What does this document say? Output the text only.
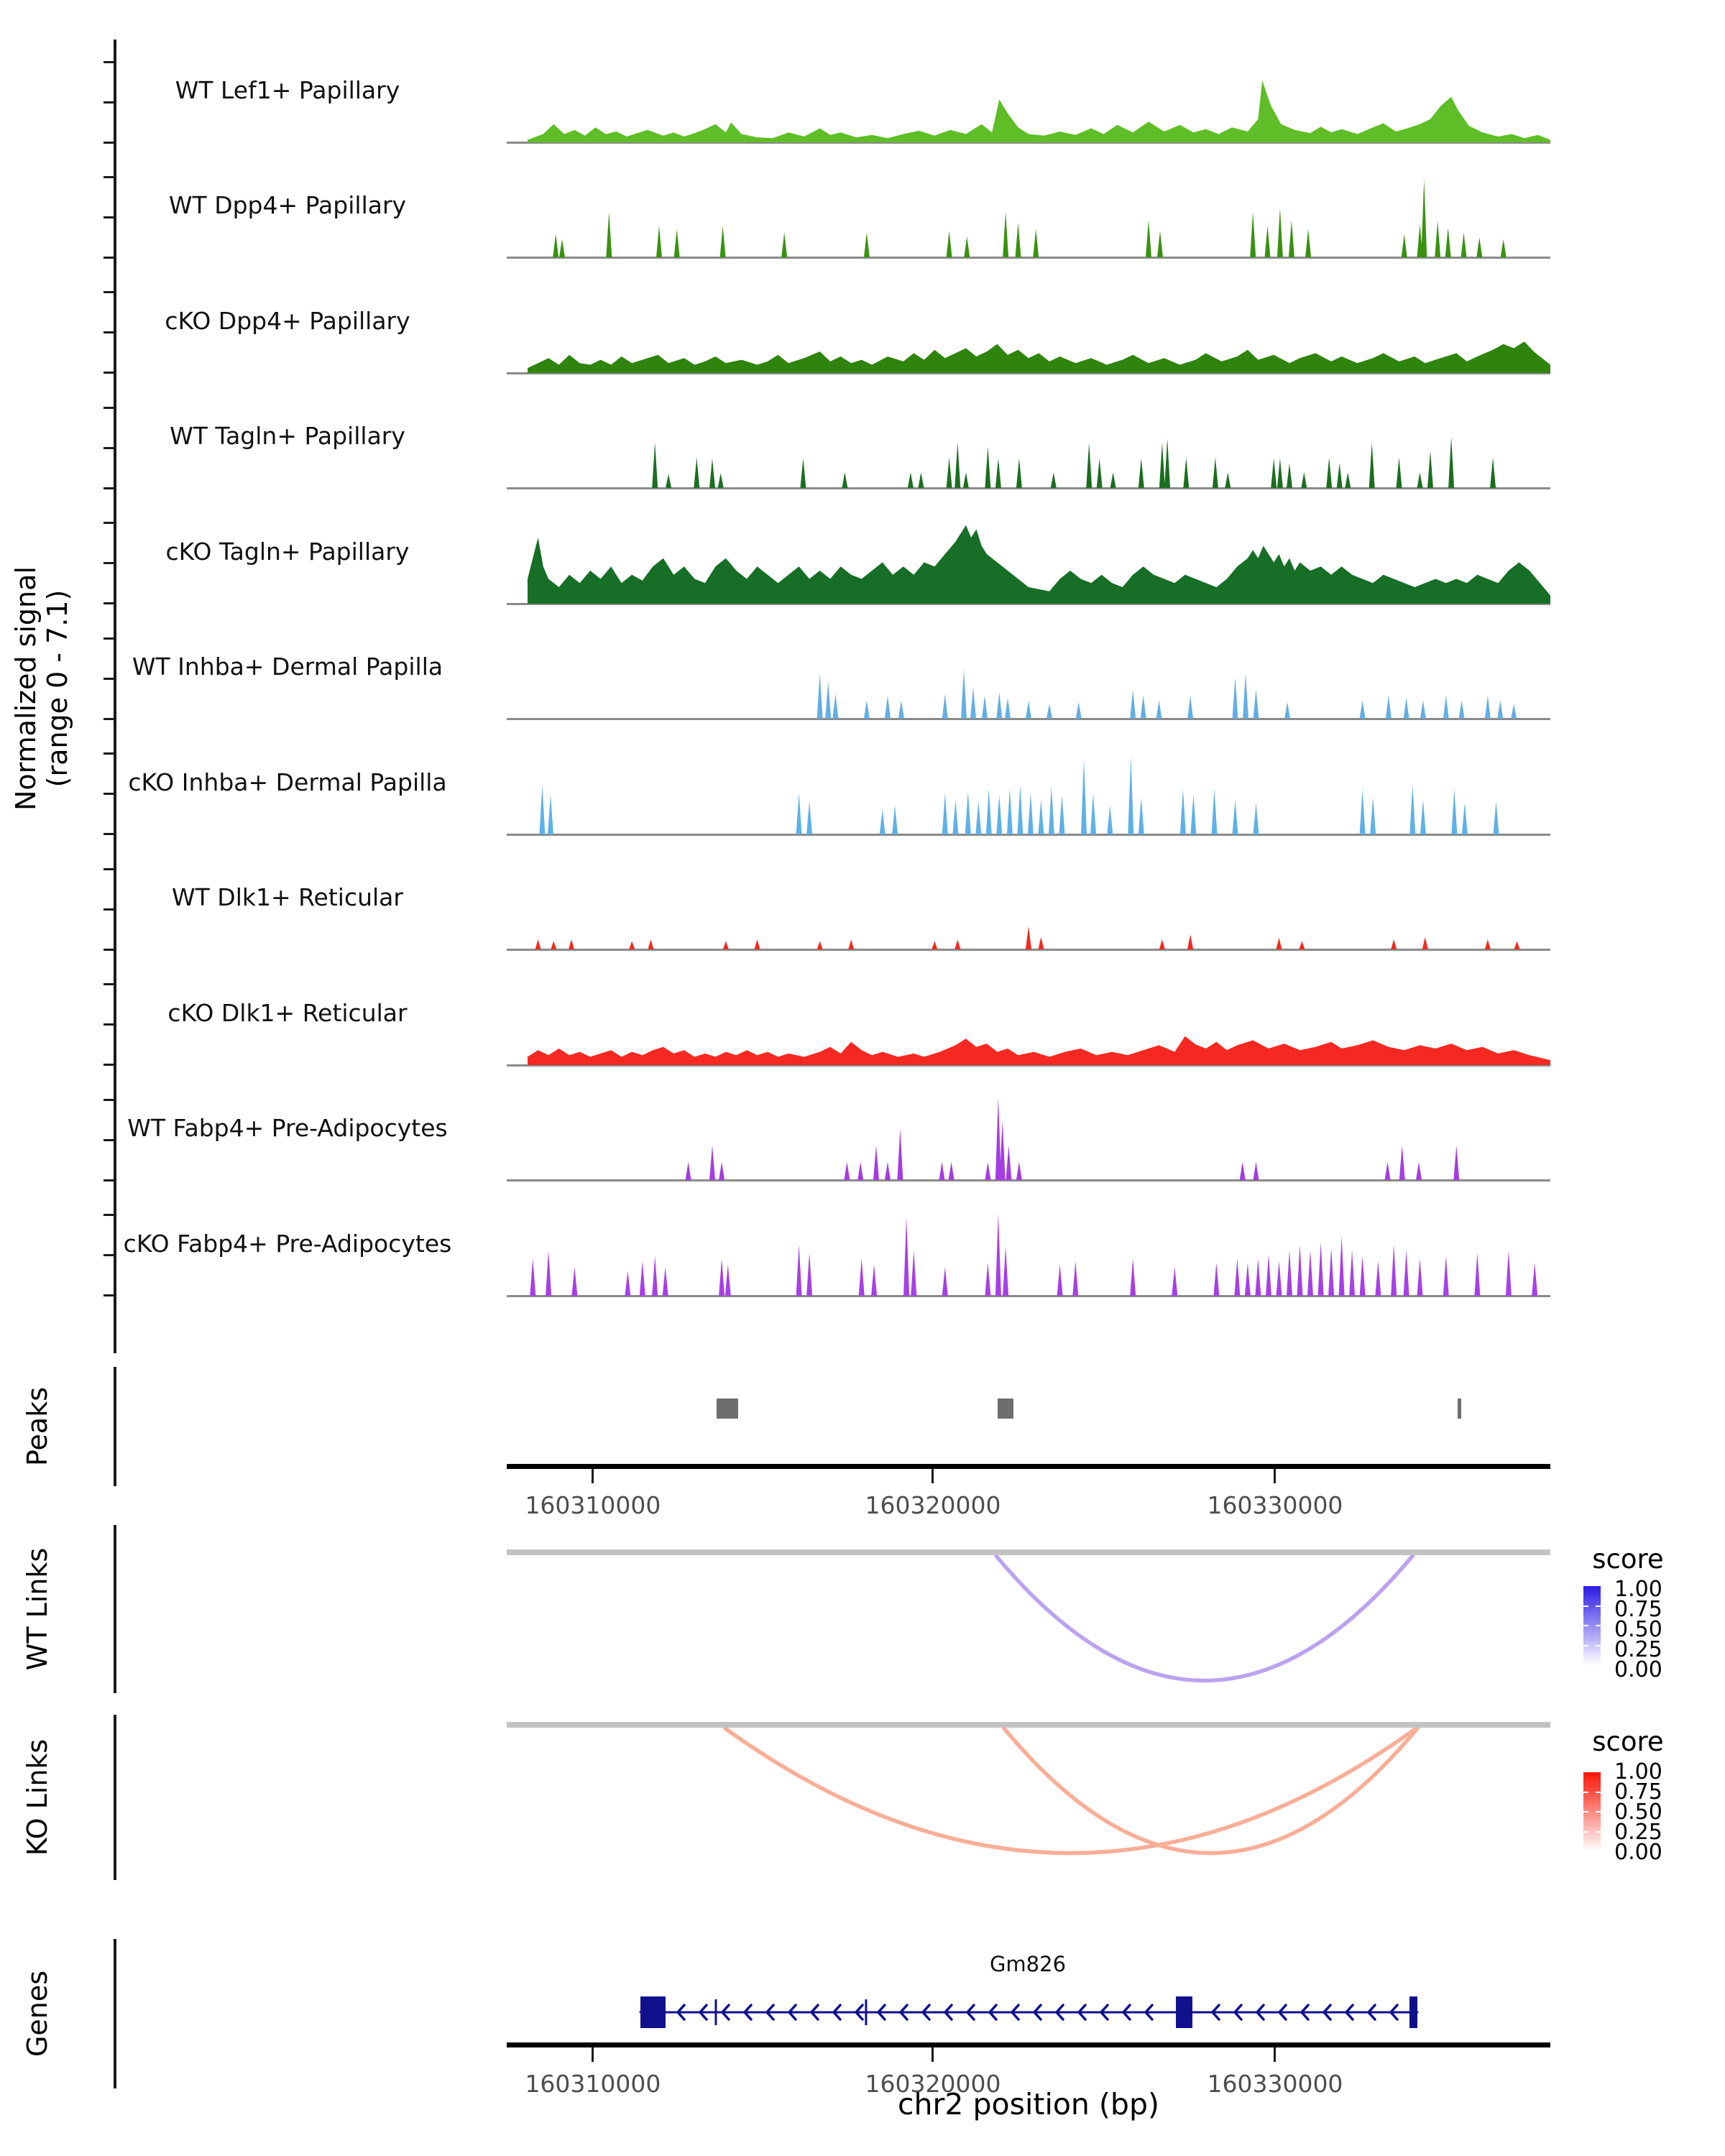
Normalized signal (range 0 - 7.1)
Peaks
WT Links
KO Links
Genes
score
score
Gm826
chr2 position (bp)
WT Lef1+ Papillary
WT Dpp4+ Papillary
cKO Dpp4+ Papillary
WT Tagln+ Papillary
cKO Tagln+ Papillary
WT Inhba+ Dermal Papilla
cKO Inhba+ Dermal Papilla
WT Dlk1+ Reticular
cKO Dlk1+ Reticular
WT Fabp4+ Pre-Adipocytes
cKO Fabp4+ Pre-Adipocytes
160310000	160320000	160330000
160310000	160320000	160330000
1.00
0.75
0.50
0.25
0.00
1.00
0.75
0.50
0.25
0.00
